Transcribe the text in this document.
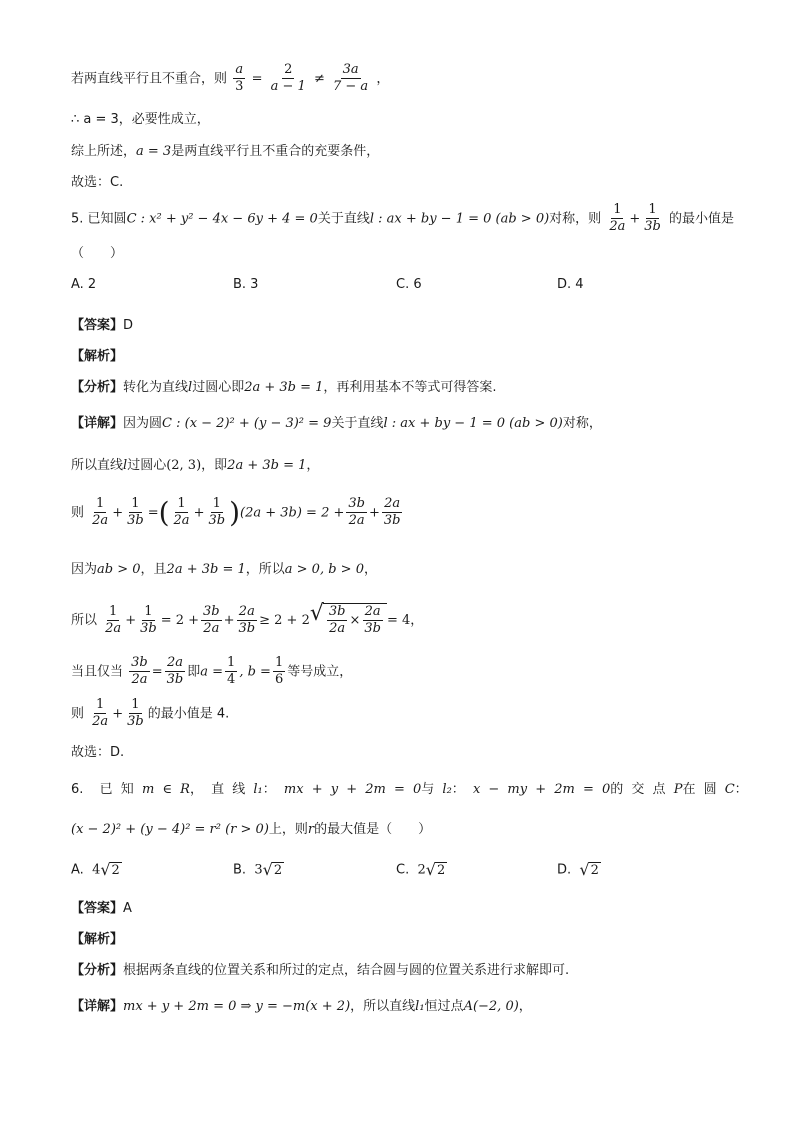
若两直线平行且不重合，则 $\frac{a}{3} = \frac{2}{a - 1} \ne \frac{3a}{7 - a}$ ，
∴ a = 3，必要性成立，
综上所述，a = 3是两直线平行且不重合的充要条件，
故选：C.
5. 已知圆C : x² + y² − 4x − 6y + 4 = 0关于直线l : ax + by − 1 = 0 (ab > 0)对称，则 $\frac{1}{2a} + \frac{1}{3b}$ 的最小值是
（　　）
A. 2	B. 3	C. 6	D. 4
【答案】D
【解析】
【分析】转化为直线l过圆心即2a + 3b = 1，再利用基本不等式可得答案.
【详解】因为圆C : (x − 2)² + (y − 3)² = 9关于直线l : ax + by − 1 = 0 (ab > 0)对称，
所以直线l过圆心(2, 3)，即2a + 3b = 1，
则 $\frac{1}{2a} + \frac{1}{3b}$ =( $\frac{1}{2a} + \frac{1}{3b} )(2a + 3b) = 2 + \frac{3b}{2a} + \frac{2a}{3b}$
因为ab > 0，且2a + 3b = 1，所以a > 0, b > 0，
所以 $\frac{1}{2a} + \frac{1}{3b} = 2 + \frac{3b}{2a} + \frac{2a}{3b} \ge 2 + 2$ √ $\frac{3b}{2a} \times \frac{2a}{3b} = 4$，
当且仅当 $\frac{3b}{2a} = \frac{2a}{3b}$ 即$a = \frac{1}{4}$ , $b = \frac{1}{6}$ 等号成立，
则 $\frac{1}{2a} + \frac{1}{3b}$ 的最小值是 4.
故选：D.
6. 已 知 m ∈ R， 直 线 l₁： mx + y + 2m = 0与 l₂： x − my + 2m = 0的 交 点 P在 圆 C：
(x − 2)² + (y − 4)² = r² (r > 0)上，则r的最大值是（　　）
A. 4 √ 2	B. 3 √ 2	C. 2 √ 2	D. √ 2
【答案】A
【解析】
【分析】根据两条直线的位置关系和所过的定点，结合圆与圆的位置关系进行求解即可.
【详解】mx + y + 2m = 0 ⇒ y = −m(x + 2)，所以直线l₁恒过点A(−2, 0)，
